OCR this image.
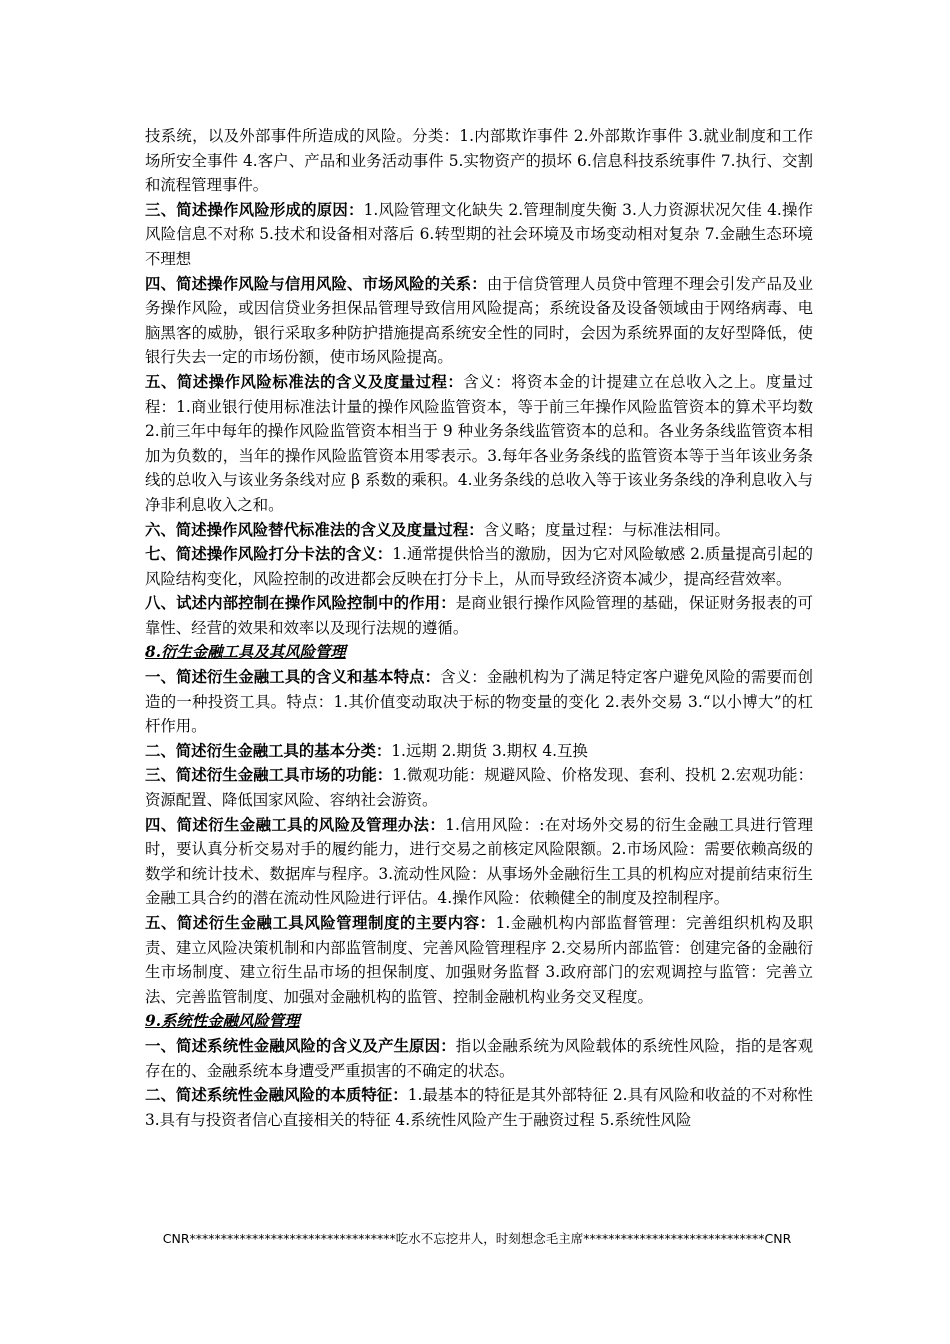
技系统，以及外部事件所造成的风险。分类：1.内部欺诈事件 2.外部欺诈事件 3.就业制度和工作场所安全事件 4.客户、产品和业务活动事件 5.实物资产的损坏 6.信息科技系统事件 7.执行、交割和流程管理事件。

三、简述操作风险形成的原因：1.风险管理文化缺失 2.管理制度失衡 3.人力资源状况欠佳 4.操作风险信息不对称 5.技术和设备相对落后 6.转型期的社会环境及市场变动相对复杂 7.金融生态环境不理想

四、简述操作风险与信用风险、市场风险的关系：由于信贷管理人员贷中管理不理会引发产品及业务操作风险，或因信贷业务担保品管理导致信用风险提高；系统设备及设备领域由于网络病毒、电脑黑客的威胁，银行采取多种防护措施提高系统安全性的同时，会因为系统界面的友好型降低，使银行失去一定的市场份额，使市场风险提高。

五、简述操作风险标准法的含义及度量过程：含义：将资本金的计提建立在总收入之上。度量过程：1.商业银行使用标准法计量的操作风险监管资本，等于前三年操作风险监管资本的算术平均数 2.前三年中每年的操作风险监管资本相当于 9 种业务条线监管资本的总和。各业务条线监管资本相加为负数的，当年的操作风险监管资本用零表示。3.每年各业务条线的监管资本等于当年该业务条线的总收入与该业务条线对应 β 系数的乘积。4.业务条线的总收入等于该业务条线的净利息收入与净非利息收入之和。

六、简述操作风险替代标准法的含义及度量过程：含义略；度量过程：与标准法相同。

七、简述操作风险打分卡法的含义：1.通常提供恰当的激励，因为它对风险敏感 2.质量提高引起的风险结构变化，风险控制的改进都会反映在打分卡上，从而导致经济资本减少，提高经营效率。

八、试述内部控制在操作风险控制中的作用：是商业银行操作风险管理的基础，保证财务报表的可靠性、经营的效果和效率以及现行法规的遵循。

8.衍生金融工具及其风险管理

一、简述衍生金融工具的含义和基本特点：含义：金融机构为了满足特定客户避免风险的需要而创造的一种投资工具。特点：1.其价值变动取决于标的物变量的变化 2.表外交易 3.“以小博大”的杠杆作用。

二、简述衍生金融工具的基本分类：1.远期 2.期货 3.期权 4.互换

三、简述衍生金融工具市场的功能：1.微观功能：规避风险、价格发现、套利、投机 2.宏观功能：资源配置、降低国家风险、容纳社会游资。

四、简述衍生金融工具的风险及管理办法：1.信用风险：:在对场外交易的衍生金融工具进行管理时，要认真分析交易对手的履约能力，进行交易之前核定风险限额。2.市场风险：需要依赖高级的数学和统计技术、数据库与程序。3.流动性风险：从事场外金融衍生工具的机构应对提前结束衍生金融工具合约的潜在流动性风险进行评估。4.操作风险：依赖健全的制度及控制程序。

五、简述衍生金融工具风险管理制度的主要内容：1.金融机构内部监督管理：完善组织机构及职责、建立风险决策机制和内部监管制度、完善风险管理程序 2.交易所内部监管：创建完备的金融衍生市场制度、建立衍生品市场的担保制度、加强财务监督 3.政府部门的宏观调控与监管：完善立法、完善监管制度、加强对金融机构的监管、控制金融机构业务交叉程度。

9.系统性金融风险管理

一、简述系统性金融风险的含义及产生原因：指以金融系统为风险载体的系统性风险，指的是客观存在的、金融系统本身遭受严重损害的不确定的状态。

二、简述系统性金融风险的本质特征：1.最基本的特征是其外部特征 2.具有风险和收益的不对称性 3.具有与投资者信心直接相关的特征 4.系统性风险产生于融资过程 5.系统性风险

CNR*********************************吃水不忘挖井人，时刻想念毛主席*****************************CNR
